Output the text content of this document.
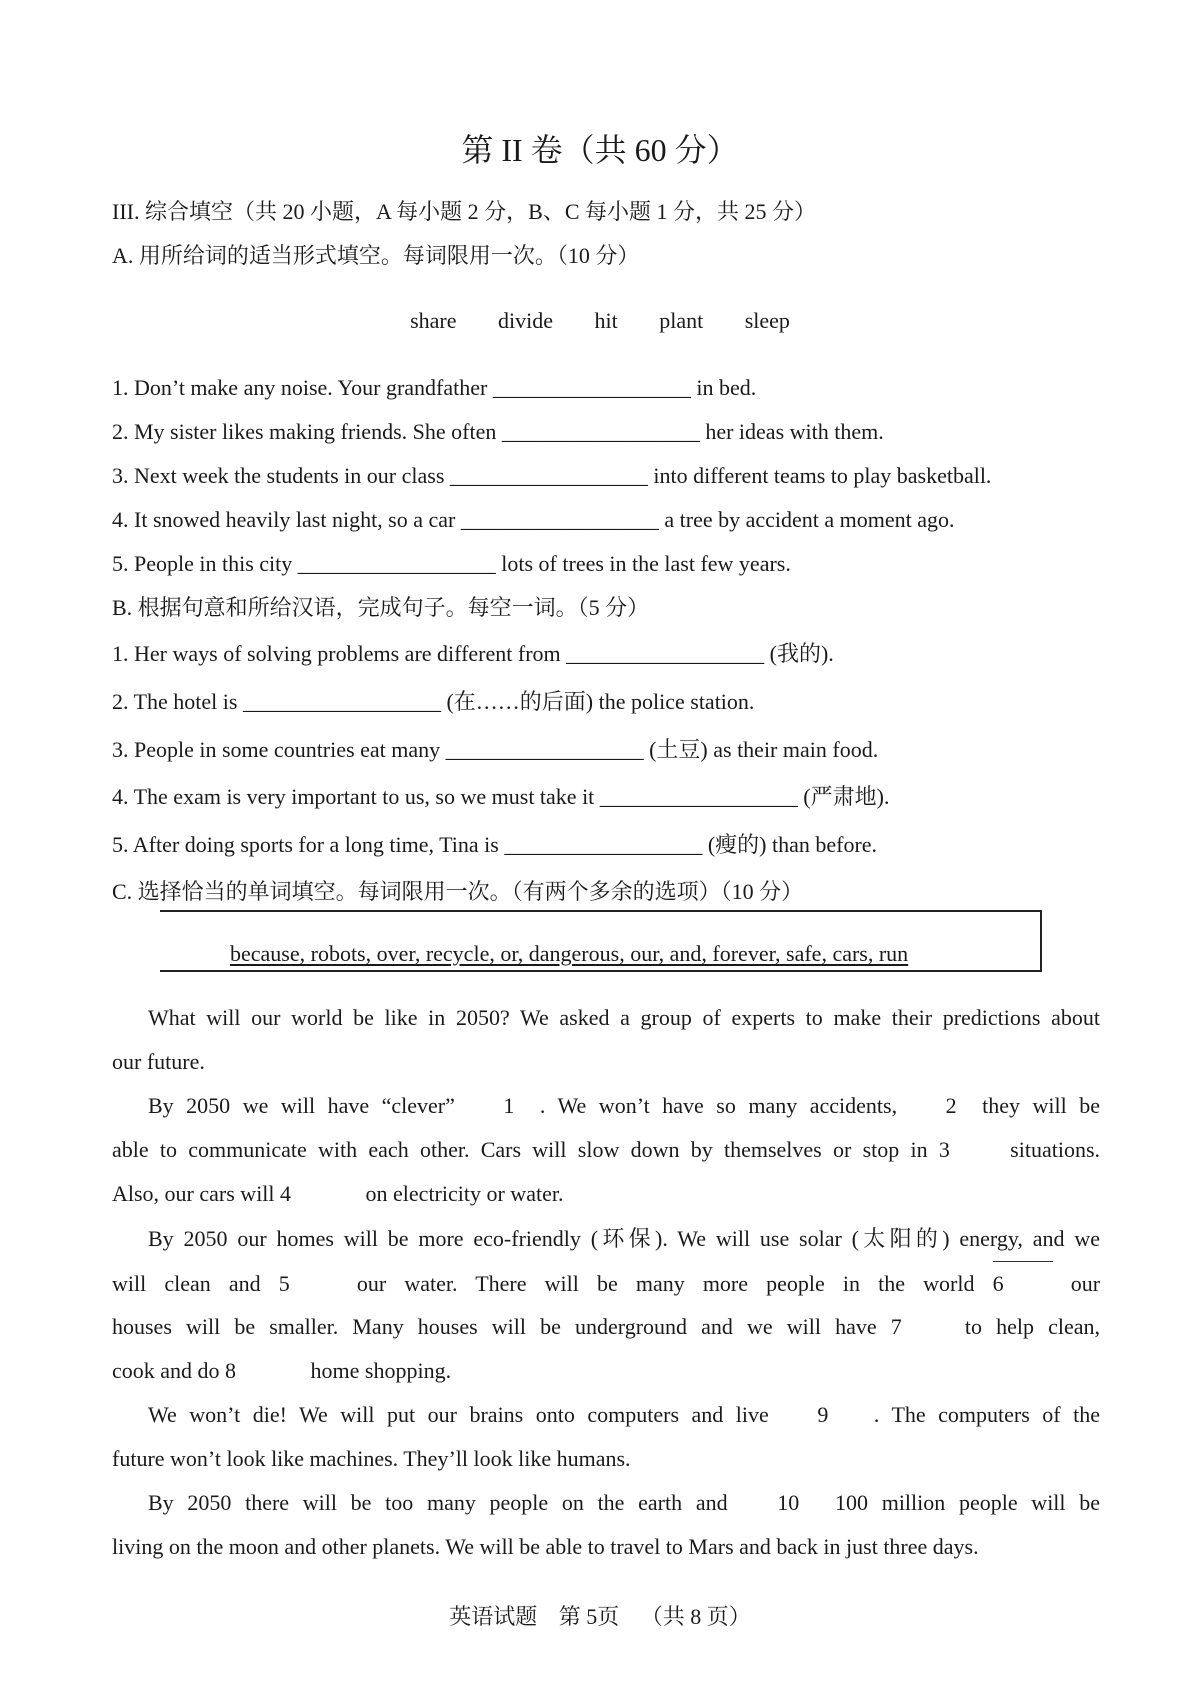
第 II 卷（共 60 分）
III. 综合填空（共 20 小题，A 每小题 2 分，B、C 每小题 1 分，共 25 分）
A. 用所给词的适当形式填空。每词限用一次。（10 分）
share divide hit plant sleep
1. Don’t make any noise. Your grandfather __________________ in bed.
2. My sister likes making friends. She often __________________ her ideas with them.
3. Next week the students in our class __________________ into different teams to play basketball.
4. It snowed heavily last night, so a car __________________ a tree by accident a moment ago.
5. People in this city __________________ lots of trees in the last few years.
B. 根据句意和所给汉语，完成句子。每空一词。（5 分）
1. Her ways of solving problems are different from __________________ (我的).
2. The hotel is __________________ (在……的后面) the police station.
3. People in some countries eat many __________________ (土豆) as their main food.
4. The exam is very important to us, so we must take it __________________ (严肃地).
5. After doing sports for a long time, Tina is __________________ (瘦的) than before.
C. 选择恰当的单词填空。每词限用一次。（有两个多余的选项）（10 分）
because, robots, over, recycle, or, dangerous, our, and, forever, safe, cars, run
What will our world be like in 2050? We asked a group of experts to make their predictions about
our future.
By 2050 we will have “clever” 1 . We won’t have so many accidents, 2 they will be
able to communicate with each other. Cars will slow down by themselves or stop in 3	situations.
Also, our cars will 4	on electricity or water.
By 2050 our homes will be more eco-friendly (环保). We will use solar (太阳的) energy, and we
will clean and 5	our water. There will be many more people in the world 6	our
houses will be smaller. Many houses will be underground and we will have 7	to help clean,
cook and do 8	home shopping.
We won’t die! We will put our brains onto computers and live 9 . The computers of the
future won’t look like machines. They’ll look like humans.
By 2050 there will be too many people on the earth and 10 100 million people will be
living on the moon and other planets. We will be able to travel to Mars and back in just three days.
英语试题 第 5页 （共 8 页）
